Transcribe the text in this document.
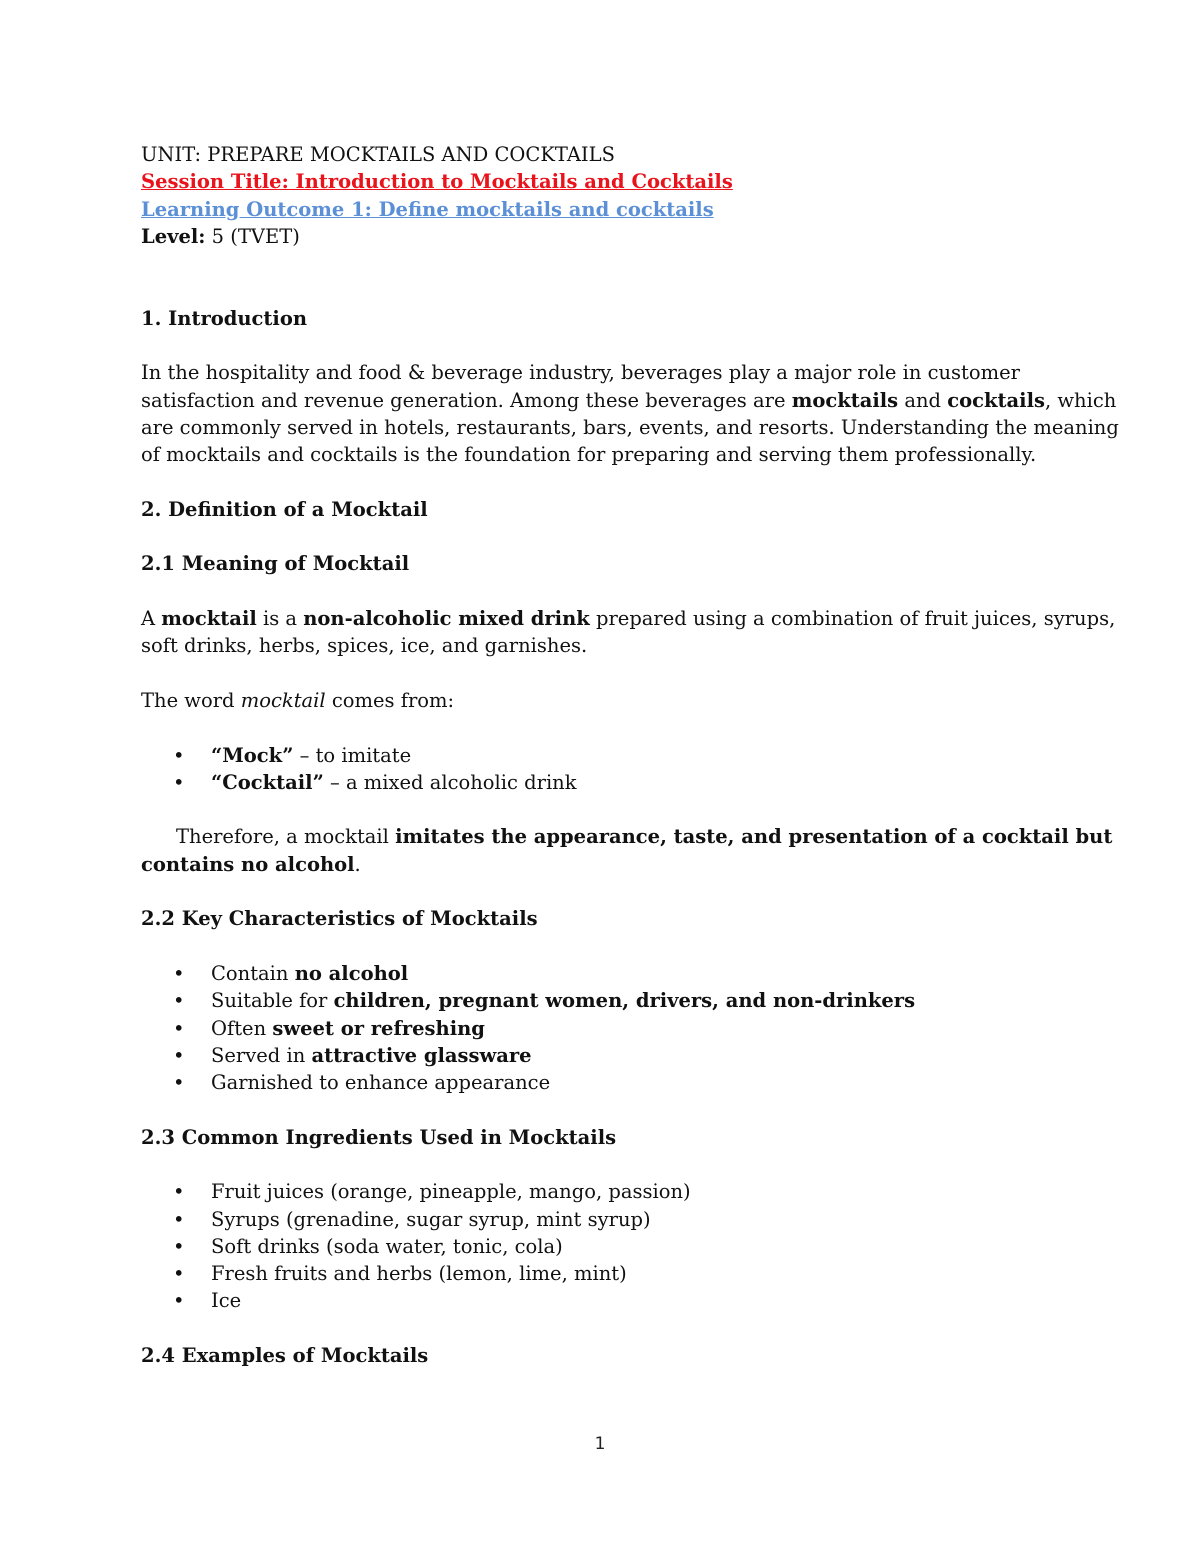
UNIT: PREPARE MOCKTAILS AND COCKTAILS

Session Title: Introduction to Mocktails and Cocktails

Learning Outcome 1: Define mocktails and cocktails

Level: 5 (TVET)

1. Introduction

In the hospitality and food & beverage industry, beverages play a major role in customer

satisfaction and revenue generation. Among these beverages are mocktails and cocktails, which

are commonly served in hotels, restaurants, bars, events, and resorts. Understanding the meaning

of mocktails and cocktails is the foundation for preparing and serving them professionally.

2. Definition of a Mocktail

2.1 Meaning of Mocktail

A mocktail is a non-alcoholic mixed drink prepared using a combination of fruit juices, syrups,

soft drinks, herbs, spices, ice, and garnishes.

The word mocktail comes from:

• “Mock” – to imitate
• “Cocktail” – a mixed alcoholic drink

Therefore, a mocktail imitates the appearance, taste, and presentation of a cocktail but

contains no alcohol.

2.2 Key Characteristics of Mocktails

• Contain no alcohol
• Suitable for children, pregnant women, drivers, and non-drinkers
• Often sweet or refreshing
• Served in attractive glassware
• Garnished to enhance appearance

2.3 Common Ingredients Used in Mocktails

• Fruit juices (orange, pineapple, mango, passion)
• Syrups (grenadine, sugar syrup, mint syrup)
• Soft drinks (soda water, tonic, cola)
• Fresh fruits and herbs (lemon, lime, mint)
• Ice

2.4 Examples of Mocktails

1
